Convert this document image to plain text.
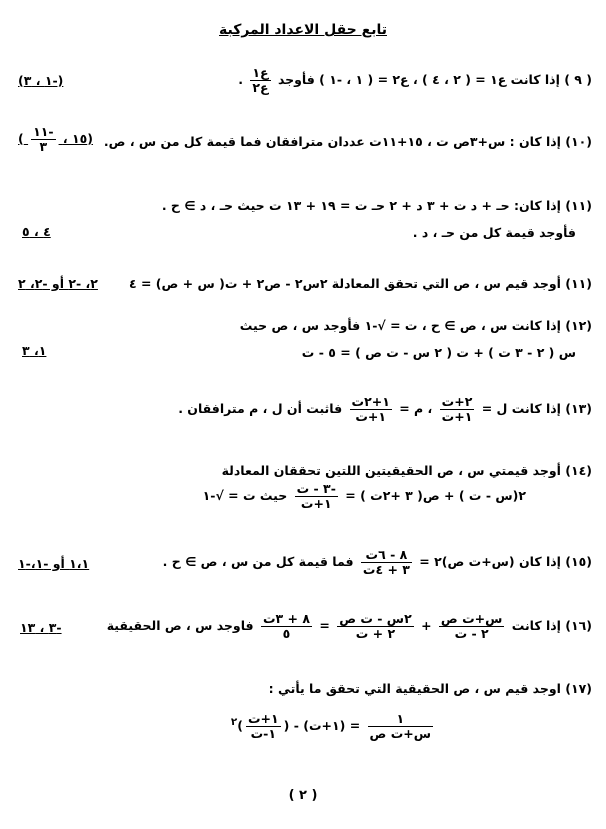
تابع حقل الاعداد المركبة
( ٩ ) إذا كانت ع١ = ( ٢ ، ٤ ) ، ع٢ = ( ١ ، -١ ) فأوجد
$\frac{\text{ع١}}{\text{ع٢}}$
.
(-١ ، ٣)
(١٠) إذا كان : س+٣ص ت ، ١٥+١١ت عددان مترافقان فما قيمة كل من س ، ص.
(١٥ ،
$\frac{-١١}{٣}$
)
(١١) إذا كان: حـ + د ت + ٣ د + ٢ حـ ت = ١٩ + ١٣ ت حيث حـ ، د ∋ ح .
فأوجد قيمة كل من حـ ، د .
٤ ، ٥
(١١) أوجد قيم س ، ص التي تحقق المعادلة ٢س٢ - ص٢ + ت( س + ص) = ٤
٢، -٢ أو -٢، ٢
(١٢) إذا كانت س ، ص ∋ ح ، ت = √-١ فأوجد س ، ص حيث
س ( ٢ - ٣ ت ) + ت ( ٢ س - ت ص ) = ٥ - ت
١، ٣
(١٣) إذا كانت ل =
$\frac{\text{٢+ت}}{\text{١+ت}}$
، م =
$\frac{\text{١+٢ت}}{\text{١+ت}}$
فاثبت أن ل ، م مترافقان .
(١٤) أوجد قيمتي س ، ص الحقيقيتين اللتين تحققان المعادلة
٢(س - ت ) + ص( ٣ +٢ت ) =
$\frac{\text{-٣ - ت}}{\text{١+ت}}$
حيث ت = √-١
(١٥) إذا كان (س+ت ص)٢ =
$\frac{\text{٨ - ٦ت}}{\text{٣ + ٤ت}}$
فما قيمة كل من س ، ص ∋ ح .
١،١ أو -١،-١
(١٦) إذا كانت
$\frac{\text{س+ت ص}}{\text{٢ - ت}}$
+
$\frac{\text{٢س - ت ص}}{\text{٢ + ت}}$
=
$\frac{\text{٨ + ٣ت}}{٥}$
فاوجد س ، ص الحقيقية
-٣ ، ١٣
(١٧) اوجد قيم س ، ص الحقيقية التي تحقق ما يأتي :
$\frac{١}{\text{س+ت ص}}$
= (١+ت) - (
$\frac{\text{١+ت}}{\text{١-ت}}$
)$^٢$
( ٢ )
